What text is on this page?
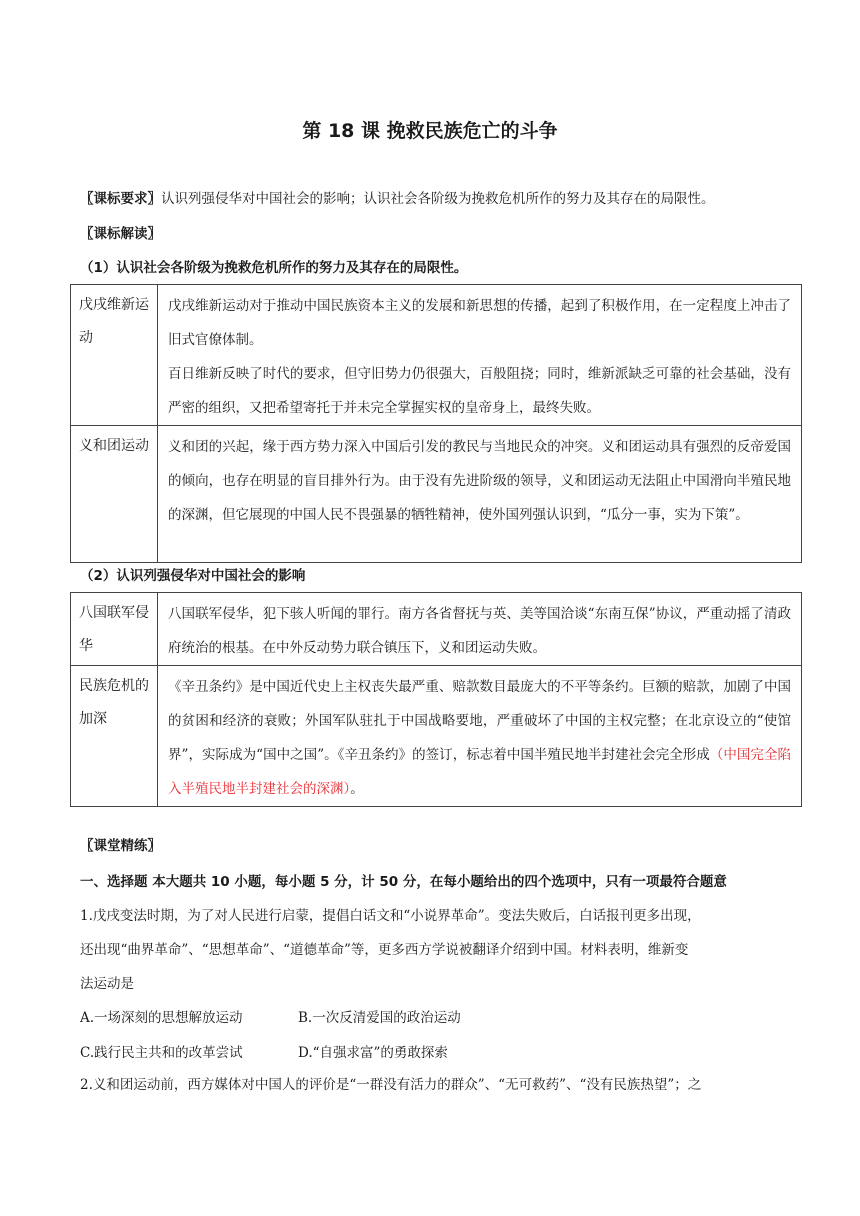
第 18 课 挽救民族危亡的斗争
〖课标要求〗认识列强侵华对中国社会的影响；认识社会各阶级为挽救危机所作的努力及其存在的局限性。
〖课标解读〗
（1）认识社会各阶级为挽救危机所作的努力及其存在的局限性。
戊戌维新运动	戊戌维新运动对于推动中国民族资本主义的发展和新思想的传播，起到了积极作用，在一定程度上冲击了旧式官僚体制。

百日维新反映了时代的要求，但守旧势力仍很强大，百般阻挠；同时，维新派缺乏可靠的社会基础，没有严密的组织，又把希望寄托于并未完全掌握实权的皇帝身上，最终失败。

义和团运动	义和团的兴起，缘于西方势力深入中国后引发的教民与当地民众的冲突。义和团运动具有强烈的反帝爱国的倾向，也存在明显的盲目排外行为。由于没有先进阶级的领导，义和团运动无法阻止中国滑向半殖民地的深渊，但它展现的中国人民不畏强暴的牺牲精神，使外国列强认识到，“瓜分一事，实为下策”。

（2）认识列强侵华对中国社会的影响
八国联军侵华	八国联军侵华，犯下骇人听闻的罪行。南方各省督抚与英、美等国洽谈“东南互保”协议，严重动摇了清政府统治的根基。在中外反动势力联合镇压下，义和团运动失败。
民族危机的加深	《辛丑条约》是中国近代史上主权丧失最严重、赔款数目最庞大的不平等条约。巨额的赔款，加剧了中国的贫困和经济的衰败；外国军队驻扎于中国战略要地，严重破坏了中国的主权完整；在北京设立的“使馆界”，实际成为“国中之国”。《辛丑条约》的签订，标志着中国半殖民地半封建社会完全形成（中国完全陷入半殖民地半封建社会的深渊）。
〖课堂精练〗
一、选择题 本大题共 10 小题，每小题 5 分，计 50 分，在每小题给出的四个选项中，只有一项最符合题意
1.戊戌变法时期，为了对人民进行启蒙，提倡白话文和“小说界革命”。变法失败后，白话报刊更多出现，
还出现“曲界革命”、“思想革命”、“道德革命”等，更多西方学说被翻译介绍到中国。材料表明，维新变
法运动是
A.一场深刻的思想解放运动	B.一次反清爱国的政治运动
C.践行民主共和的改革尝试	D.“自强求富”的勇敢探索
2.义和团运动前，西方媒体对中国人的评价是“一群没有活力的群众”、“无可救药”、“没有民族热望”；之
